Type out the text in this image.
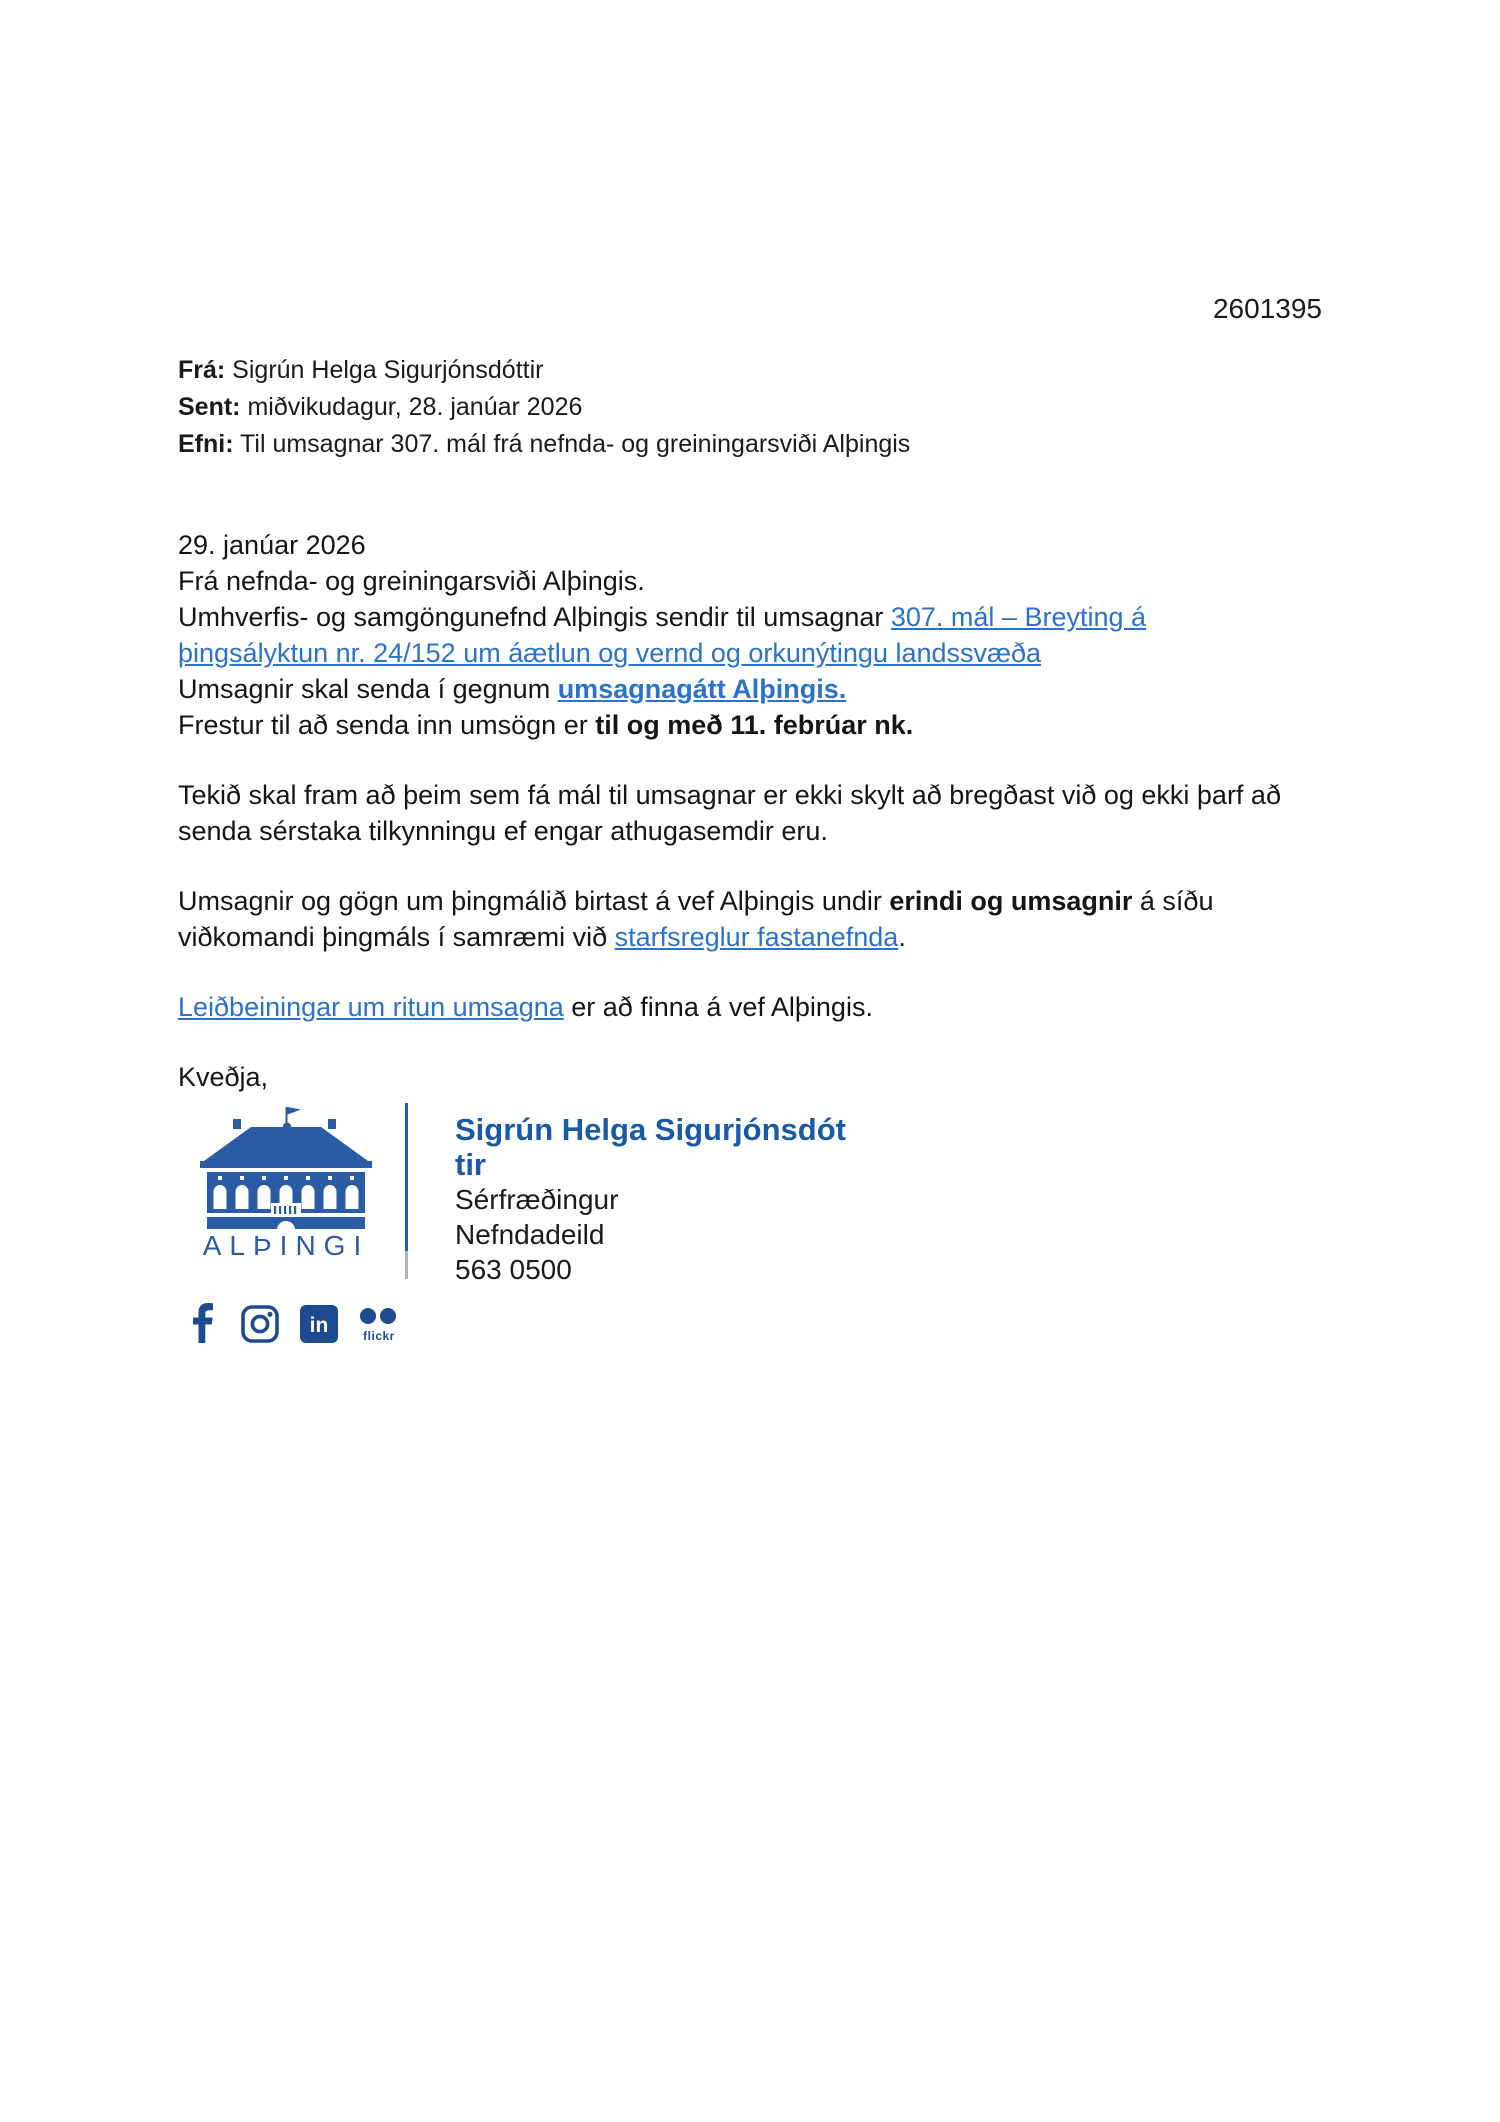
2601395
Frá: Sigrún Helga Sigurjónsdóttir
Sent: miðvikudagur, 28. janúar 2026
Efni: Til umsagnar 307. mál frá nefnda- og greiningarsviði Alþingis
29. janúar 2026
Frá nefnda- og greiningarsviði Alþingis.
Umhverfis- og samgöngunefnd Alþingis sendir til umsagnar 307. mál – Breyting á
þingsályktun nr. 24/152 um áætlun og vernd og orkunýtingu landssvæða
Umsagnir skal senda í gegnum umsagnagátt Alþingis.
Frestur til að senda inn umsögn er til og með 11. febrúar nk.
Tekið skal fram að þeim sem fá mál til umsagnar er ekki skylt að bregðast við og ekki þarf að
senda sérstaka tilkynningu ef engar athugasemdir eru.
Umsagnir og gögn um þingmálið birtast á vef Alþingis undir erindi og umsagnir á síðu
viðkomandi þingmáls í samræmi við starfsreglur fastanefnda.
Leiðbeiningar um ritun umsagna er að finna á vef Alþingis.
Kveðja,
ALÞINGI
Sigrún Helga Sigurjónsdót
tir
Sérfræðingur
Nefndadeild
563 0500
in	flickr
